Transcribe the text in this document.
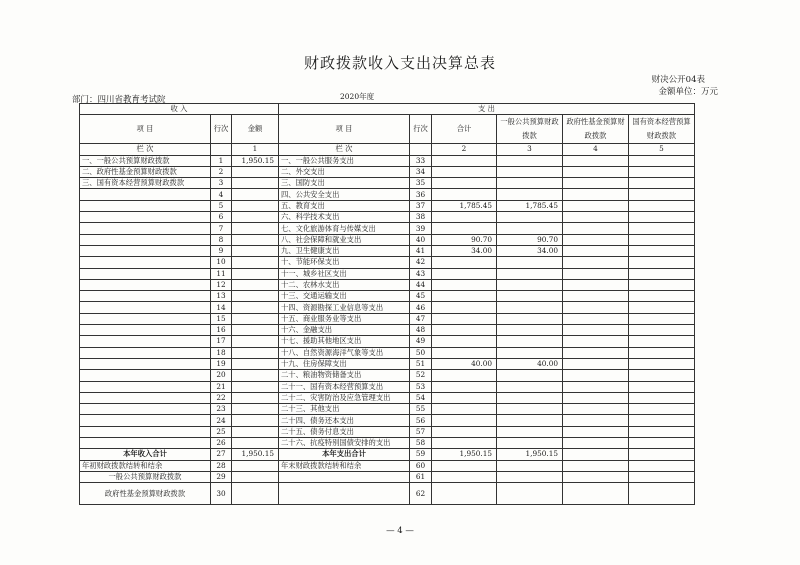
财政拨款收入支出决算总表
财决公开04表
金额单位：万元
部门：四川省教育考试院	2020年度
收 入			支 出					
项 目	行次	金额	项 目	行次	合计	一般公共预算财政拨款	政府性基金预算财政拨款	国有资本经营预算财政拨款

栏 次		1	栏 次		2	3	4	5
一、一般公共预算财政拨款	1	1,950.15	一、一般公共服务支出	33				
二、政府性基金预算财政拨款	2		二、外交支出	34				
三、国有资本经营预算财政拨款	3		三、国防支出	35				
	4		四、公共安全支出	36				
	5		五、教育支出	37	1,785.45	1,785.45		
	6		六、科学技术支出	38				
	7		七、文化旅游体育与传媒支出	39				
	8		八、社会保障和就业支出	40	90.70	90.70		
	9		九、卫生健康支出	41	34.00	34.00		
	10		十、节能环保支出	42				
	11		十一、城乡社区支出	43				
	12		十二、农林水支出	44				
	13		十三、交通运输支出	45				
	14		十四、资源勘探工业信息等支出	46				
	15		十五、商业服务业等支出	47				
	16		十六、金融支出	48				
	17		十七、援助其他地区支出	49				
	18		十八、自然资源海洋气象等支出	50				
	19		十九、住房保障支出	51	40.00	40.00		
	20		二十、粮油物资储备支出	52				
	21		二十一、国有资本经营预算支出	53				
	22		二十二、灾害防治及应急管理支出	54				
	23		二十三、其他支出	55				
	24		二十四、债务还本支出	56				
	25		二十五、债务付息支出	57				
	26		二十六、抗疫特别国债安排的支出	58				
本年收入合计	27	1,950.15	本年支出合计	59	1,950.15	1,950.15		
年初财政拨款结转和结余	28		年末财政拨款结转和结余	60				
一般公共预算财政拨款	29			61				
政府性基金预算财政拨款	30			62				
— 4 —
